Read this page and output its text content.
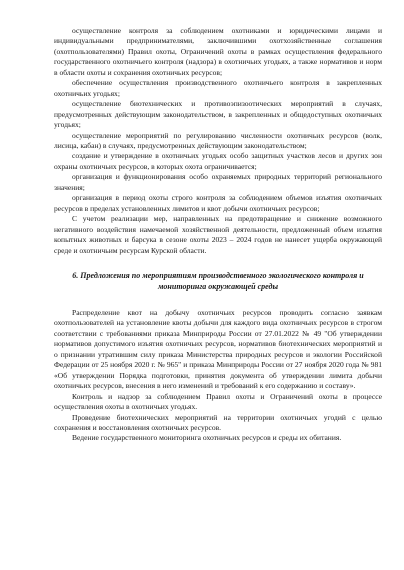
осуществление контроля за соблюдением охотниками и юридическими лицами и индивидуальными предпринимателями, заключившими охотхозяйственные соглашения (охотпользователями) Правил охоты, Ограничений охоты в рамках осуществления федерального государственного охотничьего контроля (надзора) в охотничьих угодьях, а также нормативов и норм в области охоты и сохранения охотничьих ресурсов;

обеспечение осуществления производственного охотничьего контроля в закрепленных охотничьих угодьях;

осуществление биотехнических и противоэпизоотических мероприятий в случаях, предусмотренных действующим законодательством, в закрепленных и общедоступных охотничьих угодьях;

осуществление мероприятий по регулированию численности охотничьих ресурсов (волк, лисица, кабан) в случаях, предусмотренных действующим законодательством;

создание и утверждение в охотничьих угодьях особо защитных участков лесов и других зон охраны охотничьих ресурсов, в которых охота ограничивается;

организация и функционирования особо охраняемых природных территорий регионального значения;

организация в период охоты строго контроля за соблюдением объемов изъятия охотничьих ресурсов в пределах установленных лимитов и квот добычи охотничьих ресурсов;

С учетом реализации мер, направленных на предотвращение и снижение возможного негативного воздействия намечаемой хозяйственной деятельности, предложенный объем изъятия копытных животных и барсука в сезоне охоты 2023 – 2024 годов не нанесет ущерба окружающей среде и охотничьим ресурсам Курской области.

6. Предложения по мероприятиям производственного экологического контроля и мониторинга окружающей среды

Распределение квот на добычу охотничьих ресурсов проводить согласно заявкам охотпользователей на установление квоты добычи для каждого вида охотничьих ресурсов в строгом соответствии с требованиями приказа Минприроды России от 27.01.2022 № 49 "Об утверждении нормативов допустимого изъятия охотничьих ресурсов, нормативов биотехнических мероприятий и о признании утратившим силу приказа Министерства природных ресурсов и экологии Российской Федерации от 25 ноября 2020 г. № 965" и приказа Минприроды России от 27 ноября 2020 года № 981 «Об утверждении Порядка подготовки, принятия документа об утверждении лимита добычи охотничьих ресурсов, внесения в него изменений и требований к его содержанию и составу».

Контроль и надзор за соблюдением Правил охоты и Ограничений охоты в процессе осуществления охоты в охотничьих угодьях.

Проведение биотехнических мероприятий на территории охотничьих угодий с целью сохранения и восстановления охотничьих ресурсов.

Ведение государственного мониторинга охотничьих ресурсов и среды их обитания.
